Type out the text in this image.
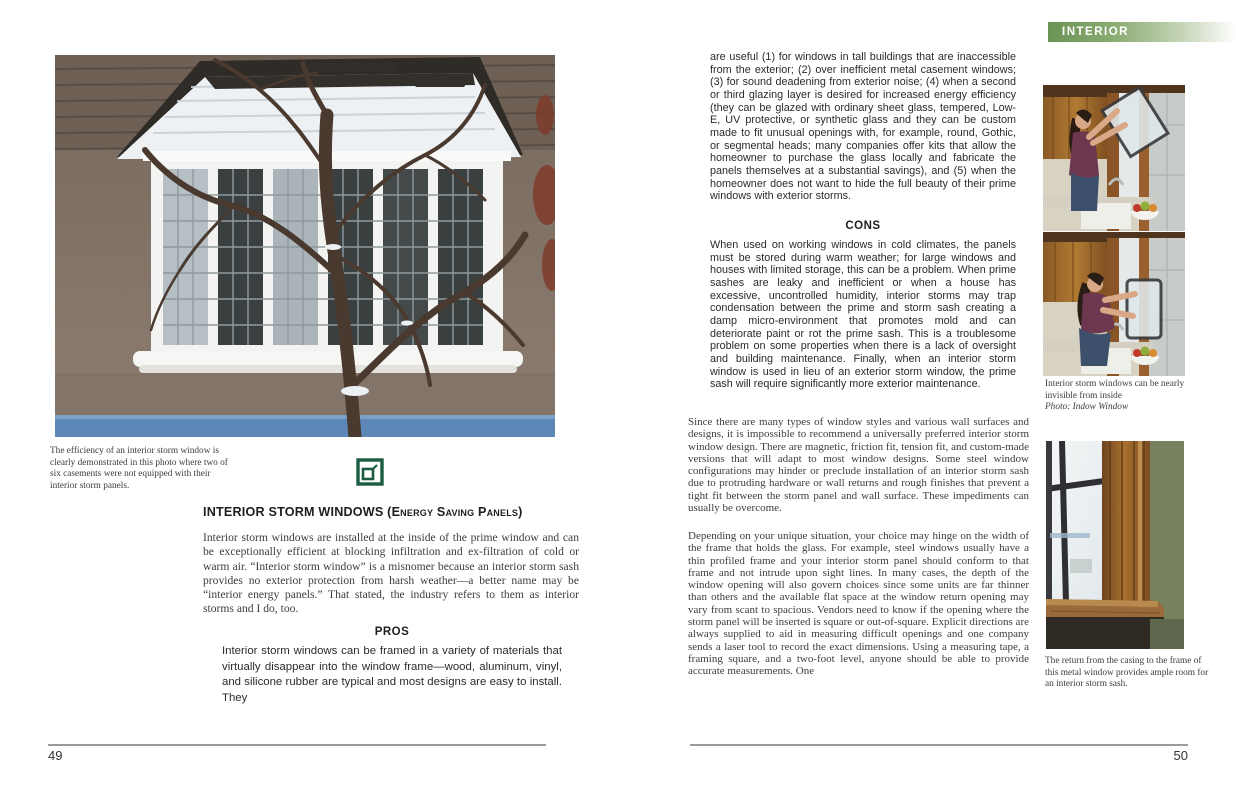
INTERIOR
The efficiency of an interior storm window is clearly demonstrated in this photo where two of six casements were not equipped with their interior storm panels.
INTERIOR STORM WINDOWS (Energy Saving Panels)
Interior storm windows are installed at the inside of the prime window and can be exceptionally efficient at blocking infiltration and ex-filtration of cold or warm air. “Interior storm window” is a misnomer because an interior storm sash provides no exterior protection from harsh weather—a better name may be “interior energy panels.” That stated, the industry refers to them as interior storms and I do, too.
PROS
Interior storm windows can be framed in a variety of materials that virtually disappear into the window frame—wood, aluminum, vinyl, and silicone rubber are typical and most designs are easy to install. They
49
are useful (1) for windows in tall buildings that are inaccessible from the exterior; (2) over inefficient metal casement windows; (3) for sound deadening from exterior noise; (4) when a second or third glazing layer is desired for increased energy efficiency (they can be glazed with ordinary sheet glass, tempered, Low-E, UV protective, or synthetic glass and they can be custom made to fit unusual openings with, for example, round, Gothic, or segmental heads; many companies offer kits that allow the homeowner to purchase the glass locally and fabricate the panels themselves at a substantial savings), and (5) when the homeowner does not want to hide the full beauty of their prime windows with exterior storms.
CONS
When used on working windows in cold climates, the panels must be stored during warm weather; for large windows and houses with limited storage, this can be a problem. When prime sashes are leaky and inefficient or when a house has excessive, uncontrolled humidity, interior storms may trap condensation between the prime and storm sash creating a damp micro-environment that promotes mold and can deteriorate paint or rot the prime sash. This is a troublesome problem on some properties when there is a lack of oversight and building maintenance. Finally, when an interior storm window is used in lieu of an exterior storm window, the prime sash will require significantly more exterior maintenance.
Since there are many types of window styles and various wall surfaces and designs, it is impossible to recommend a universally preferred interior storm window design. There are magnetic, friction fit, tension fit, and custom-made versions that will adapt to most window designs. Some steel window configurations may hinder or preclude installation of an interior storm sash due to protruding hardware or wall returns and rough finishes that prevent a tight fit between the storm panel and wall surface. These impediments can usually be overcome.
Depending on your unique situation, your choice may hinge on the width of the frame that holds the glass. For example, steel windows usually have a thin profiled frame and your interior storm panel should conform to that frame and not intrude upon sight lines. In many cases, the depth of the window opening will also govern choices since some units are far thinner than others and the available flat space at the window return opening may vary from scant to spacious. Vendors need to know if the opening where the storm panel will be inserted is square or out-of-square. Explicit directions are always supplied to aid in measuring difficult openings and one company sends a laser tool to record the exact dimensions. Using a measuring tape, a framing square, and a two-foot level, anyone should be able to provide accurate measurements. One
Interior storm windows can be nearly invisible from inside
Photo: Indow Window
The return from the casing to the frame of this metal window provides ample room for an interior storm sash.
50
